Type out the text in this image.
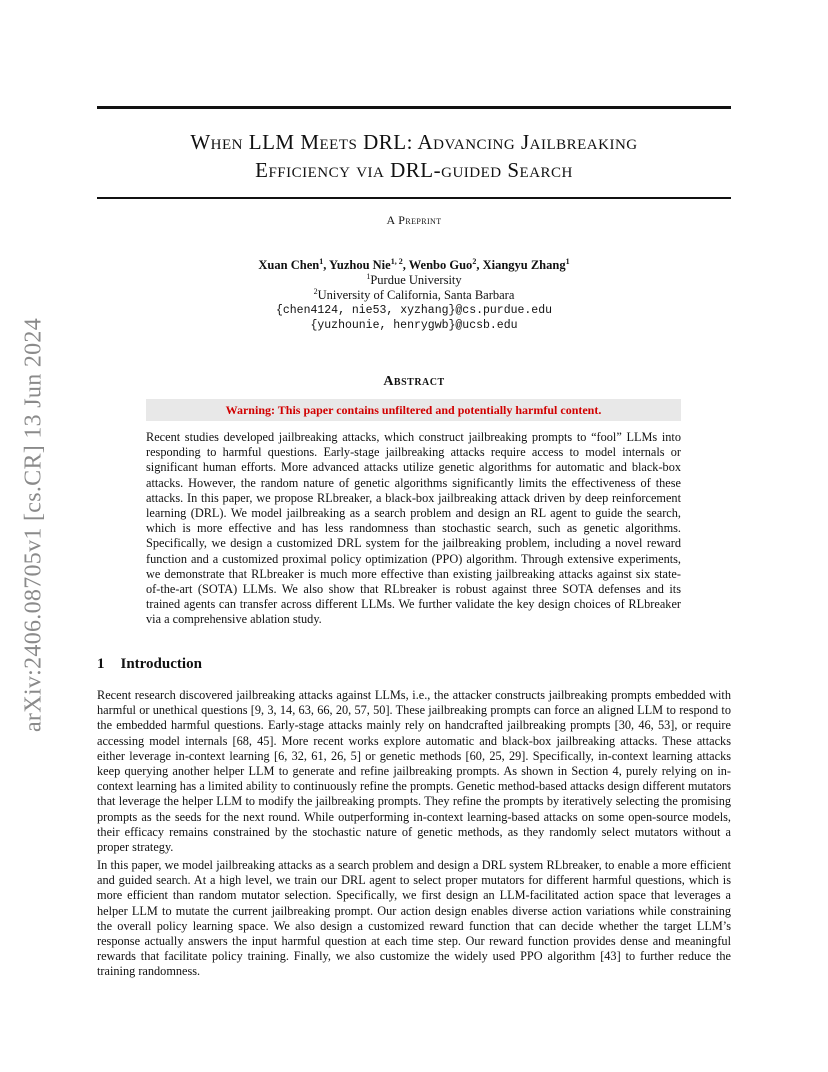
arXiv:2406.08705v1 [cs.CR] 13 Jun 2024
When LLM Meets DRL: Advancing Jailbreaking
Efficiency via DRL-guided Search
A Preprint
Xuan Chen$^1$, Yuzhou Nie$^{1, 2}$, Wenbo Guo$^2$, Xiangyu Zhang$^1$
$^1$Purdue University
$^2$University of California, Santa Barbara
{chen4124, nie53, xyzhang}@cs.purdue.edu
{yuzhounie, henrygwb}@ucsb.edu
Abstract
Warning: This paper contains unfiltered and potentially harmful content.

Recent studies developed jailbreaking attacks, which construct jailbreaking prompts to “fool” LLMs into responding to harmful questions. Early-stage jailbreaking attacks require access to model internals or significant human efforts. More advanced attacks utilize genetic algorithms for automatic and black-box attacks. However, the random nature of genetic algorithms significantly limits the effectiveness of these attacks. In this paper, we propose RLbreaker, a black-box jailbreaking attack driven by deep reinforcement learning (DRL). We model jailbreaking as a search problem and design an RL agent to guide the search, which is more effective and has less randomness than stochastic search, such as genetic algorithms. Specifically, we design a customized DRL system for the jailbreaking problem, including a novel reward function and a customized proximal policy optimization (PPO) algorithm. Through extensive experiments, we demonstrate that RLbreaker is much more effective than existing jailbreaking attacks against six state-of-the-art (SOTA) LLMs. We also show that RLbreaker is robust against three SOTA defenses and its trained agents can transfer across different LLMs. We further validate the key design choices of RLbreaker via a comprehensive ablation study.

1 Introduction

Recent research discovered jailbreaking attacks against LLMs, i.e., the attacker constructs jailbreaking prompts embedded with harmful or unethical questions [9, 3, 14, 63, 66, 20, 57, 50]. These jailbreaking prompts can force an aligned LLM to respond to the embedded harmful questions. Early-stage attacks mainly rely on handcrafted jailbreaking prompts [30, 46, 53], or require accessing model internals [68, 45]. More recent works explore automatic and black-box jailbreaking attacks. These attacks either leverage in-context learning [6, 32, 61, 26, 5] or genetic methods [60, 25, 29]. Specifically, in-context learning attacks keep querying another helper LLM to generate and refine jailbreaking prompts. As shown in Section 4, purely relying on in-context learning has a limited ability to continuously refine the prompts. Genetic method-based attacks design different mutators that leverage the helper LLM to modify the jailbreaking prompts. They refine the prompts by iteratively selecting the promising prompts as the seeds for the next round. While outperforming in-context learning-based attacks on some open-source models, their efficacy remains constrained by the stochastic nature of genetic methods, as they randomly select mutators without a proper strategy.

In this paper, we model jailbreaking attacks as a search problem and design a DRL system RLbreaker, to enable a more efficient and guided search. At a high level, we train our DRL agent to select proper mutators for different harmful questions, which is more efficient than random mutator selection. Specifically, we first design an LLM-facilitated action space that leverages a helper LLM to mutate the current jailbreaking prompt. Our action design enables diverse action variations while constraining the overall policy learning space. We also design a customized reward function that can decide whether the target LLM’s response actually answers the input harmful question at each time step. Our reward function provides dense and meaningful rewards that facilitate policy training. Finally, we also customize the widely used PPO algorithm [43] to further reduce the training randomness.
